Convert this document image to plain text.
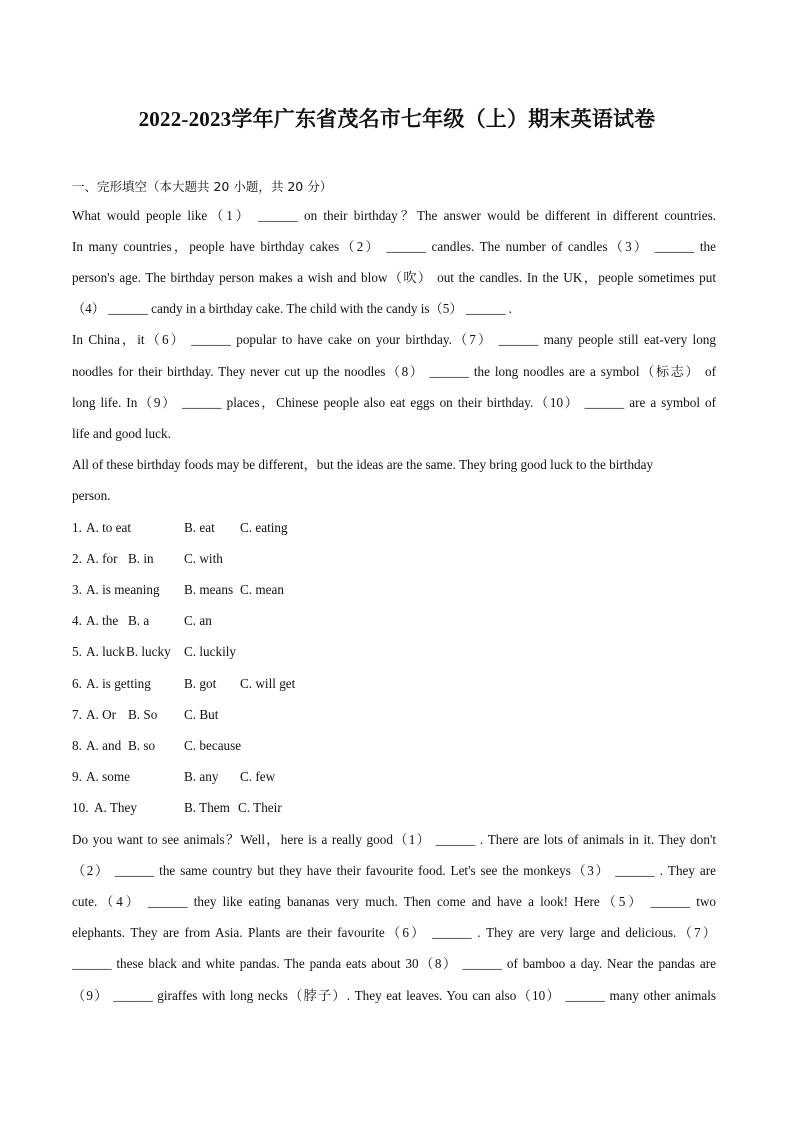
2022-2023学年广东省茂名市七年级（上）期末英语试卷
一、完形填空（本大题共 20 小题，共 20 分）
What would people like（1） ______ on their birthday？The answer would be different in different countries.
In many countries，people have birthday cakes（2） ______ candles. The number of candles（3） ______ the
person's age. The birthday person makes a wish and blow（吹） out the candles. In the UK，people sometimes put
（4） ______ candy in a birthday cake. The child with the candy is（5） ______ .
In China，it（6） ______ popular to have cake on your birthday.（7） ______ many people still eat-very long
noodles for their birthday. They never cut up the noodles（8） ______ the long noodles are a symbol（标志） of
long life. In（9） ______ places，Chinese people also eat eggs on their birthday.（10） ______ are a symbol of
life and good luck.
All of these birthday foods may be different，but the ideas are the same. They bring good luck to the birthday
person.
1. A. to eat	B. eat C. eating
2. A. for B. in C. with
3. A. is meaning B. means C. mean
4. A. the B. a	C. an
5. A. luck B. lucky C. luckily
6. A. is getting	B. got C. will get
7. A. Or B. So C. But
8. A. and B. so C. because
9. A. some	B. any C. few
10. A. They	B. Them C. Their
Do you want to see animals？Well，here is a really good（1） ______ . There are lots of animals in it. They don't
（2） ______ the same country but they have their favourite food. Let's see the monkeys（3） ______ . They are
cute.（4） ______ they like eating bananas very much. Then come and have a look! Here（5） ______ two
elephants. They are from Asia. Plants are their favourite（6） ______ . They are very large and delicious.（7）
______ these black and white pandas. The panda eats about 30（8） ______ of bamboo a day. Near the pandas are
（9） ______ giraffes with long necks（脖子）. They eat leaves. You can also（10） ______ many other animals
